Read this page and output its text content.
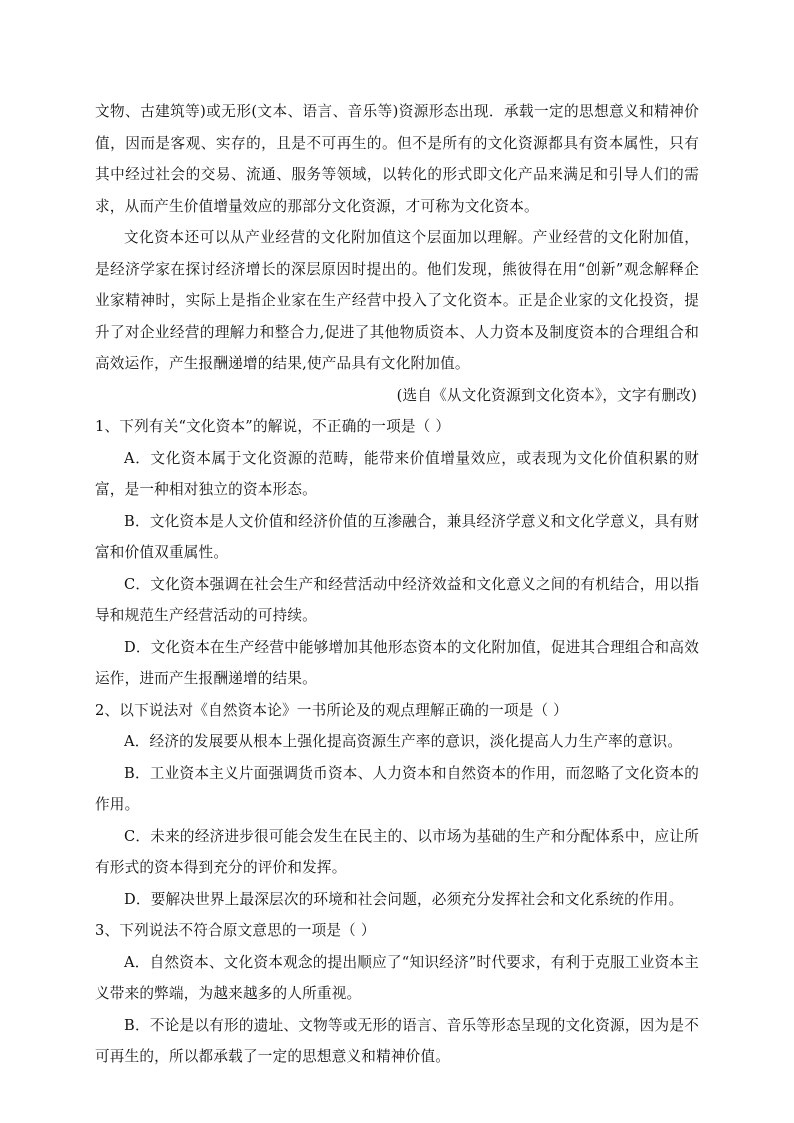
文物、古建筑等)或无形(文本、语言、音乐等)资源形态出现．承载一定的思想意义和精神价值，因而是客观、实存的，且是不可再生的。但不是所有的文化资源都具有资本属性，只有其中经过社会的交易、流通、服务等领域，以转化的形式即文化产品来满足和引导人们的需求，从而产生价值增量效应的那部分文化资源，才可称为文化资本。

文化资本还可以从产业经营的文化附加值这个层面加以理解。产业经营的文化附加值， 是经济学家在探讨经济增长的深层原因时提出的。他们发现，熊彼得在用“创新”观念解释企业家精神时，实际上是指企业家在生产经营中投入了文化资本。正是企业家的文化投资，提升了对企业经营的理解力和整合力,促进了其他物质资本、人力资本及制度资本的合理组合和高效运作，产生报酬递增的结果,使产品具有文化附加值。

(选自《从文化资源到文化资本》，文字有删改)

1、下列有关“文化资本”的解说，不正确的一项是（ ）

A．文化资本属于文化资源的范畴，能带来价值增量效应，或表现为文化价值积累的财富，是一种相对独立的资本形态。

B．文化资本是人文价值和经济价值的互渗融合，兼具经济学意义和文化学意义，具有财富和价值双重属性。

C．文化资本强调在社会生产和经营活动中经济效益和文化意义之间的有机结合，用以指导和规范生产经营活动的可持续。

D．文化资本在生产经营中能够增加其他形态资本的文化附加值，促进其合理组合和高效运作，进而产生报酬递增的结果。

2、以下说法对《自然资本论》一书所论及的观点理解正确的一项是（ ）

A．经济的发展要从根本上强化提高资源生产率的意识，淡化提高人力生产率的意识。

B．工业资本主义片面强调货币资本、人力资本和自然资本的作用，而忽略了文化资本的作用。

C．未来的经济进步很可能会发生在民主的、以市场为基础的生产和分配体系中，应让所有形式的资本得到充分的评价和发挥。

D．要解决世界上最深层次的环境和社会问题，必须充分发挥社会和文化系统的作用。

3、下列说法不符合原文意思的一项是（ ）

A．自然资本、文化资本观念的提出顺应了“知识经济”时代要求，有利于克服工业资本主义带来的弊端，为越来越多的人所重视。

B．不论是以有形的遗址、文物等或无形的语言、音乐等形态呈现的文化资源，因为是不可再生的，所以都承载了一定的思想意义和精神价值。
